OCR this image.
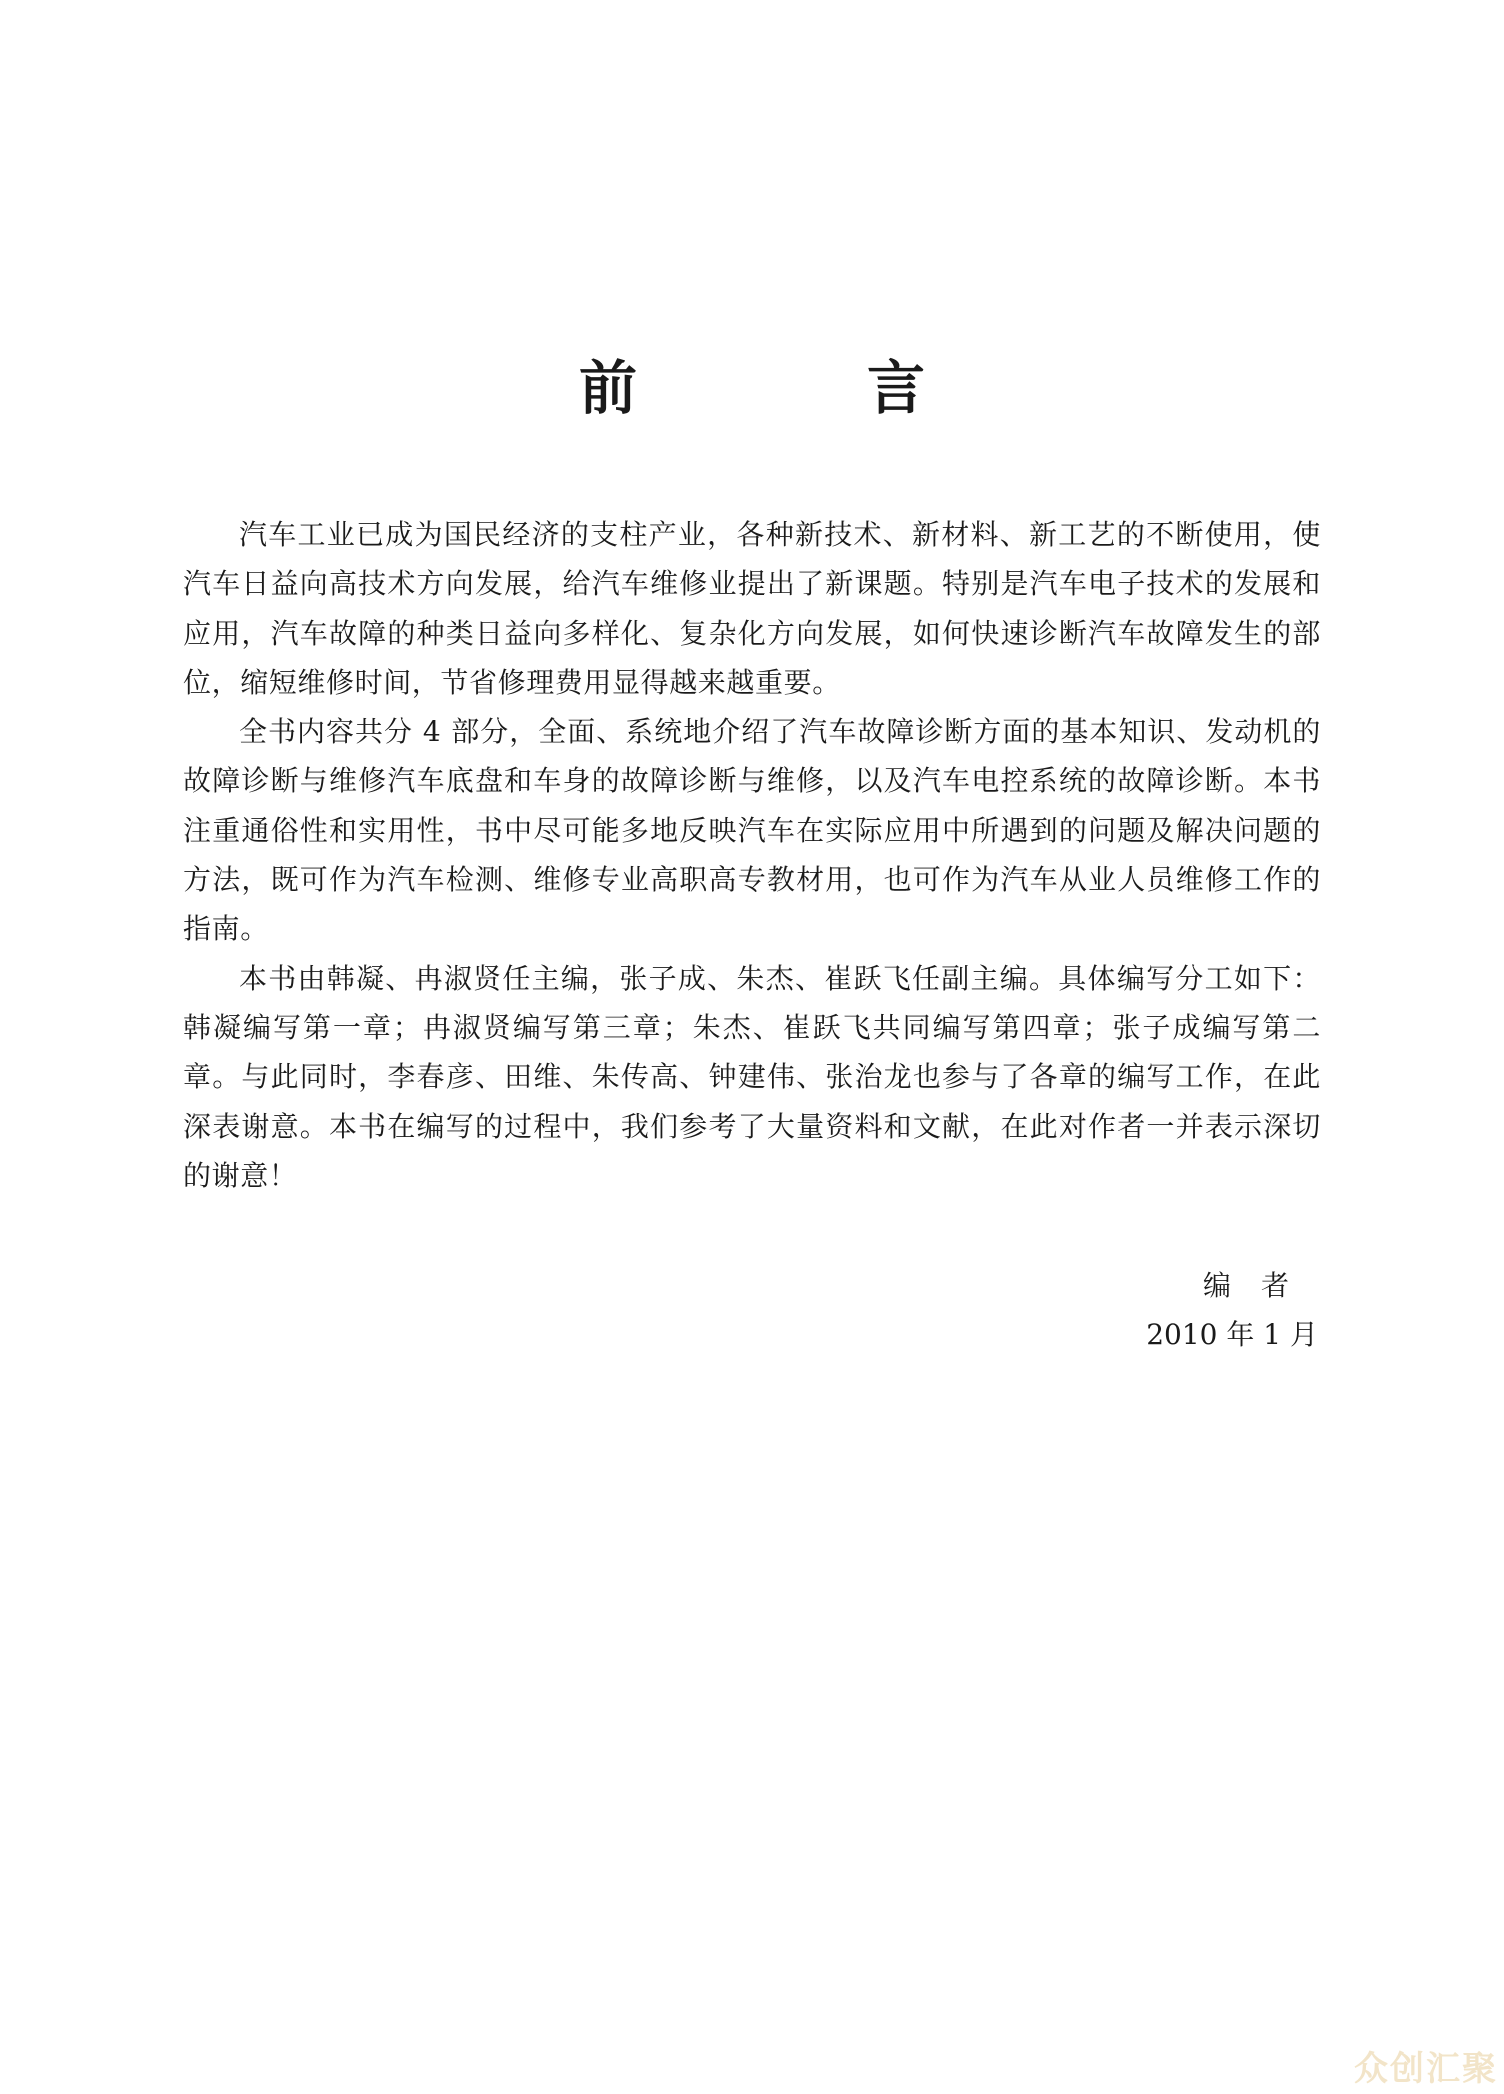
前　言

汽车工业已成为国民经济的支柱产业，各种新技术、新材料、新工艺的不断使用，使汽车日益向高技术方向发展，给汽车维修业提出了新课题。特别是汽车电子技术的发展和应用，汽车故障的种类日益向多样化、复杂化方向发展，如何快速诊断汽车故障发生的部位，缩短维修时间，节省修理费用显得越来越重要。

全书内容共分 4 部分，全面、系统地介绍了汽车故障诊断方面的基本知识、发动机的故障诊断与维修汽车底盘和车身的故障诊断与维修，以及汽车电控系统的故障诊断。本书注重通俗性和实用性，书中尽可能多地反映汽车在实际应用中所遇到的问题及解决问题的方法，既可作为汽车检测、维修专业高职高专教材用，也可作为汽车从业人员维修工作的指南。

本书由韩凝、冉淑贤任主编，张子成、朱杰、崔跃飞任副主编。具体编写分工如下：韩凝编写第一章；冉淑贤编写第三章；朱杰、崔跃飞共同编写第四章；张子成编写第二章。与此同时，李春彦、田维、朱传高、钟建伟、张治龙也参与了各章的编写工作，在此深表谢意。本书在编写的过程中，我们参考了大量资料和文献，在此对作者一并表示深切的谢意！

编者

2010 年 1 月

众创汇聚
